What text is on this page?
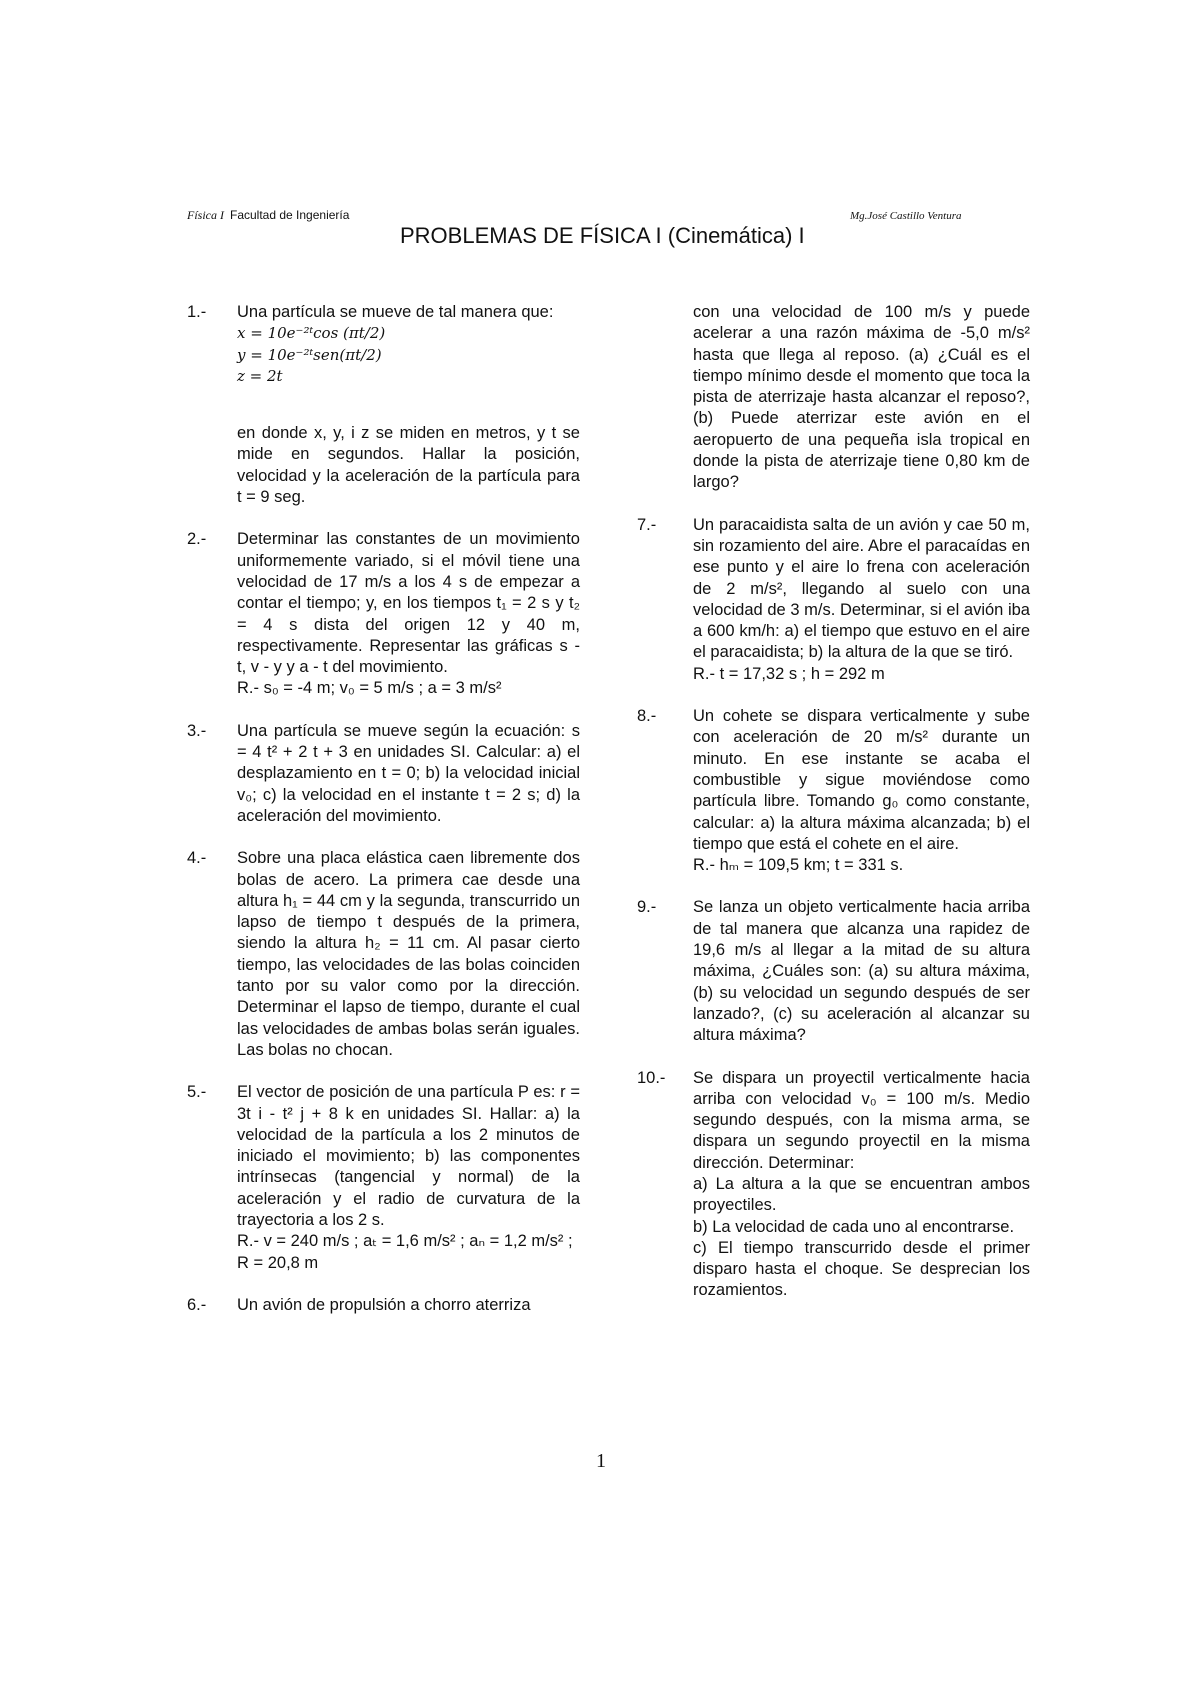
Física I Facultad de Ingeniería	Mg.José Castillo Ventura
PROBLEMAS DE FÍSICA I (Cinemática) I
1.- Una partícula se mueve de tal manera que:
x = 10e⁻²ᵗcos (πt/2)
y = 10e⁻²ᵗsen(πt/2)
z = 2t
en donde x, y, i z se miden en metros, y t se mide en segundos. Hallar la posición, velocidad y la aceleración de la partícula para t = 9 seg.
2.- Determinar las constantes de un movimiento uniformemente variado, si el móvil tiene una velocidad de 17 m/s a los 4 s de empezar a contar el tiempo; y, en los tiempos t₁ = 2 s y t₂ = 4 s dista del origen 12 y 40 m, respectivamente. Representar las gráficas s - t, v - y y a - t del movimiento.
R.- s₀ = -4 m; v₀ = 5 m/s ; a = 3 m/s²
3.- Una partícula se mueve según la ecuación: s = 4 t² + 2 t + 3 en unidades SI. Calcular: a) el desplazamiento en t = 0; b) la velocidad inicial v₀; c) la velocidad en el instante t = 2 s; d) la aceleración del movimiento.
4.- Sobre una placa elástica caen libremente dos bolas de acero. La primera cae desde una altura h₁ = 44 cm y la segunda, transcurrido un lapso de tiempo t después de la primera, siendo la altura h₂ = 11 cm. Al pasar cierto tiempo, las velocidades de las bolas coinciden tanto por su valor como por la dirección. Determinar el lapso de tiempo, durante el cual las velocidades de ambas bolas serán iguales. Las bolas no chocan.
5.- El vector de posición de una partícula P es: r = 3t i - t² j + 8 k en unidades SI. Hallar: a) la velocidad de la partícula a los 2 minutos de iniciado el movimiento; b) las componentes intrínsecas (tangencial y normal) de la aceleración y el radio de curvatura de la trayectoria a los 2 s.
R.- v = 240 m/s ; aₜ = 1,6 m/s² ; aₙ = 1,2 m/s² ; R = 20,8 m
6.- Un avión de propulsión a chorro aterriza
con una velocidad de 100 m/s y puede acelerar a una razón máxima de -5,0 m/s² hasta que llega al reposo. (a) ¿Cuál es el tiempo mínimo desde el momento que toca la pista de aterrizaje hasta alcanzar el reposo?, (b) Puede aterrizar este avión en el aeropuerto de una pequeña isla tropical en donde la pista de aterrizaje tiene 0,80 km de largo?
7.- Un paracaidista salta de un avión y cae 50 m, sin rozamiento del aire. Abre el paracaídas en ese punto y el aire lo frena con aceleración de 2 m/s², llegando al suelo con una velocidad de 3 m/s. Determinar, si el avión iba a 600 km/h: a) el tiempo que estuvo en el aire el paracaidista; b) la altura de la que se tiró.
R.- t = 17,32 s ; h = 292 m
8.- Un cohete se dispara verticalmente y sube con aceleración de 20 m/s² durante un minuto. En ese instante se acaba el combustible y sigue moviéndose como partícula libre. Tomando g₀ como constante, calcular: a) la altura máxima alcanzada; b) el tiempo que está el cohete en el aire.
R.- hₘ = 109,5 km; t = 331 s.
9.- Se lanza un objeto verticalmente hacia arriba de tal manera que alcanza una rapidez de 19,6 m/s al llegar a la mitad de su altura máxima, ¿Cuáles son: (a) su altura máxima, (b) su velocidad un segundo después de ser lanzado?, (c) su aceleración al alcanzar su altura máxima?
10.- Se dispara un proyectil verticalmente hacia arriba con velocidad v₀ = 100 m/s. Medio segundo después, con la misma arma, se dispara un segundo proyectil en la misma dirección. Determinar:
a) La altura a la que se encuentran ambos proyectiles.
b) La velocidad de cada uno al encontrarse.
c) El tiempo transcurrido desde el primer disparo hasta el choque. Se desprecian los rozamientos.
1
